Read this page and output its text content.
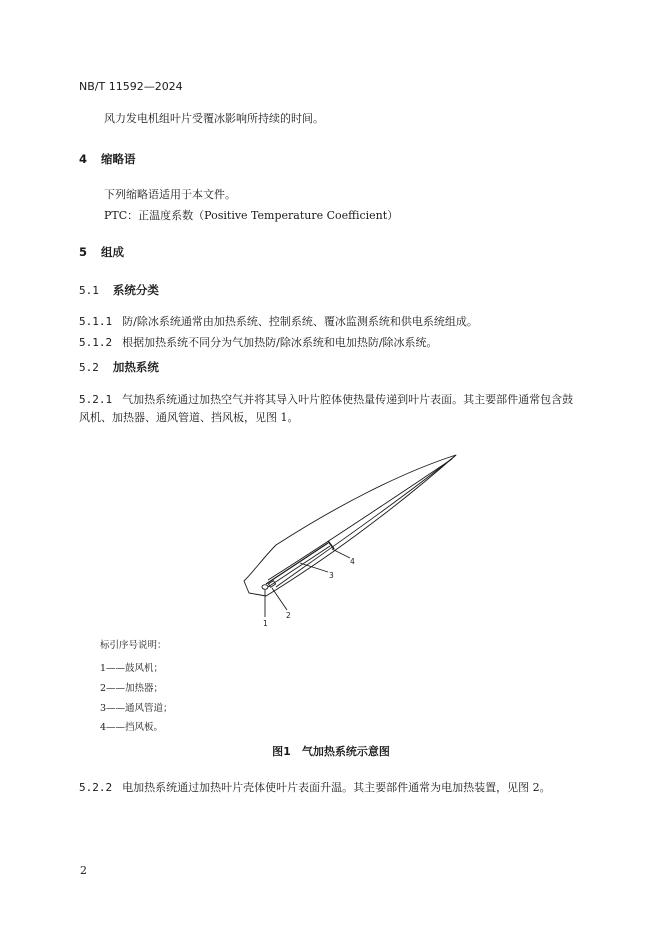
NB/T 11592—2024
风力发电机组叶片受覆冰影响所持续的时间。
4 缩略语
下列缩略语适用于本文件。
PTC：正温度系数（Positive Temperature Coefficient）
5 组成
5.1 系统分类
5.1.1 防/除冰系统通常由加热系统、控制系统、覆冰监测系统和供电系统组成。
5.1.2 根据加热系统不同分为气加热防/除冰系统和电加热防/除冰系统。
5.2 加热系统
5.2.1 气加热系统通过加热空气并将其导入叶片腔体使热量传递到叶片表面。其主要部件通常包含鼓
风机、加热器、通风管道、挡风板，见图 1。
1
2
3
4
标引序号说明：
1——鼓风机；
2——加热器；
3——通风管道；
4——挡风板。
图1　气加热系统示意图
5.2.2 电加热系统通过加热叶片壳体使叶片表面升温。其主要部件通常为电加热装置，见图 2。
2
